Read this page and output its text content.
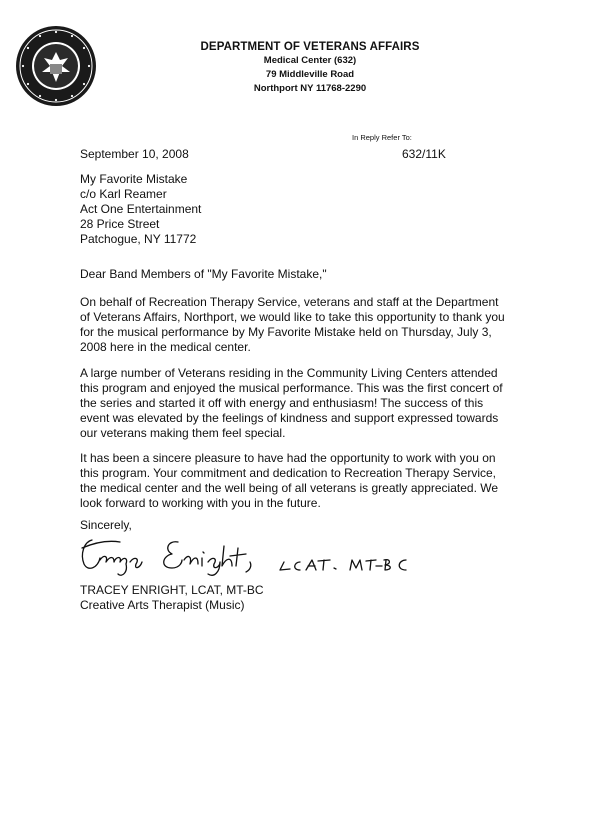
DEPARTMENT OF VETERANS AFFAIRS
Medical Center (632)
79 Middleville Road
Northport NY 11768-2290
In Reply Refer To:
632/11K
September 10, 2008
My Favorite Mistake
c/o Karl Reamer
Act One Entertainment
28 Price Street
Patchogue, NY 11772
Dear Band Members of "My Favorite Mistake,"

On behalf of Recreation Therapy Service, veterans and staff at the Department
of Veterans Affairs, Northport, we would like to take this opportunity to thank you
for the musical performance by My Favorite Mistake held on Thursday, July 3,
2008 here in the medical center.

A large number of Veterans residing in the Community Living Centers attended
this program and enjoyed the musical performance. This was the first concert of
the series and started it off with energy and enthusiasm! The success of this
event was elevated by the feelings of kindness and support expressed towards
our veterans making them feel special.

It has been a sincere pleasure to have had the opportunity to work with you on
this program. Your commitment and dedication to Recreation Therapy Service,
the medical center and the well being of all veterans is greatly appreciated. We
look forward to working with you in the future.

Sincerely,
TRACEY ENRIGHT, LCAT, MT-BC
Creative Arts Therapist (Music)
